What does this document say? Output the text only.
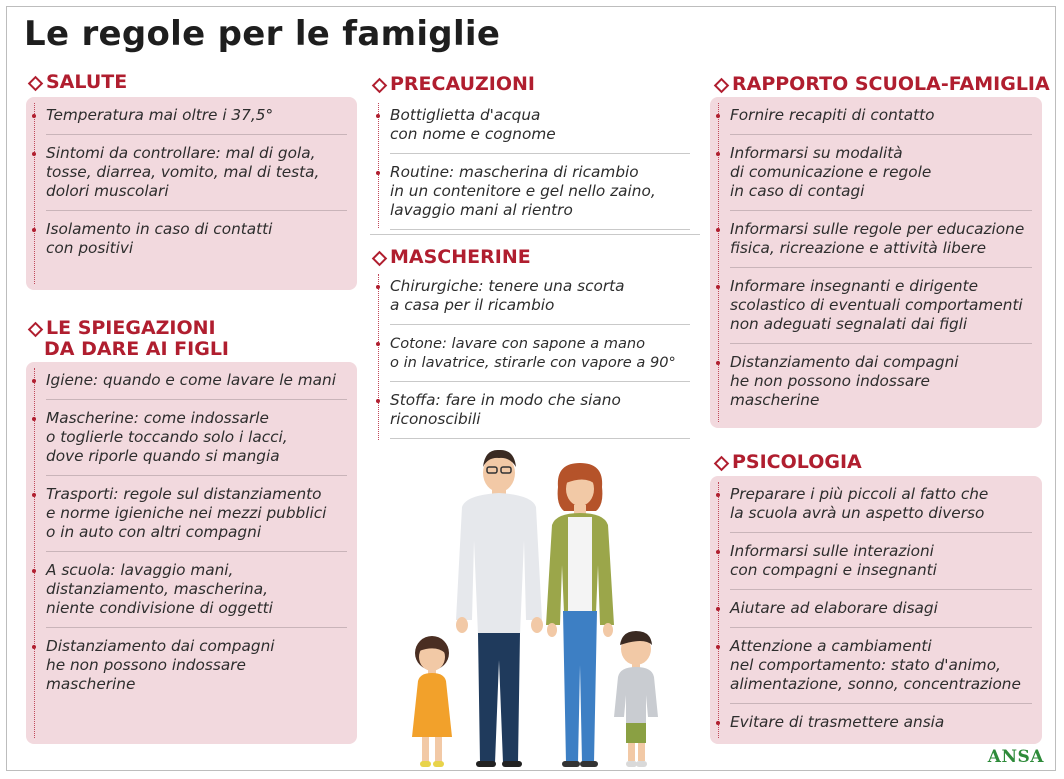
Le regole per le famiglie
SALUTE
Temperatura mai oltre i 37,5°
Sintomi da controllare: mal di gola,
tosse, diarrea, vomito, mal di testa,
dolori muscolari
Isolamento in caso di contatti
con positivi
LE SPIEGAZIONI
DA DARE AI FIGLI
Igiene: quando e come lavare le mani
Mascherine: come indossarle
o toglierle toccando solo i lacci,
dove riporle quando si mangia
Trasporti: regole sul distanziamento
e norme igieniche nei mezzi pubblici
o in auto con altri compagni
A scuola: lavaggio mani,
distanziamento, mascherina,
niente condivisione di oggetti
Distanziamento dai compagni
he non possono indossare
mascherine
PRECAUZIONI
Bottiglietta d'acqua
con nome e cognome
Routine: mascherina di ricambio
in un contenitore e gel nello zaino,
lavaggio mani al rientro
MASCHERINE
Chirurgiche: tenere una scorta
a casa per il ricambio
Cotone: lavare con sapone a mano
o in lavatrice, stirarle con vapore a 90°
Stoffa: fare in modo che siano
riconoscibili
RAPPORTO SCUOLA-FAMIGLIA
Fornire recapiti di contatto
Informarsi su modalità
di comunicazione e regole
in caso di contagi
Informarsi sulle regole per educazione
fisica, ricreazione e attività libere
Informare insegnanti e dirigente
scolastico di eventuali comportamenti
non adeguati segnalati dai figli
Distanziamento dai compagni
he non possono indossare
mascherine
PSICOLOGIA
Preparare i più piccoli al fatto che
la scuola avrà un aspetto diverso
Informarsi sulle interazioni
con compagni e insegnanti
Aiutare ad elaborare disagi
Attenzione a cambiamenti
nel comportamento: stato d'animo,
alimentazione, sonno, concentrazione
Evitare di trasmettere ansia
ANSA
